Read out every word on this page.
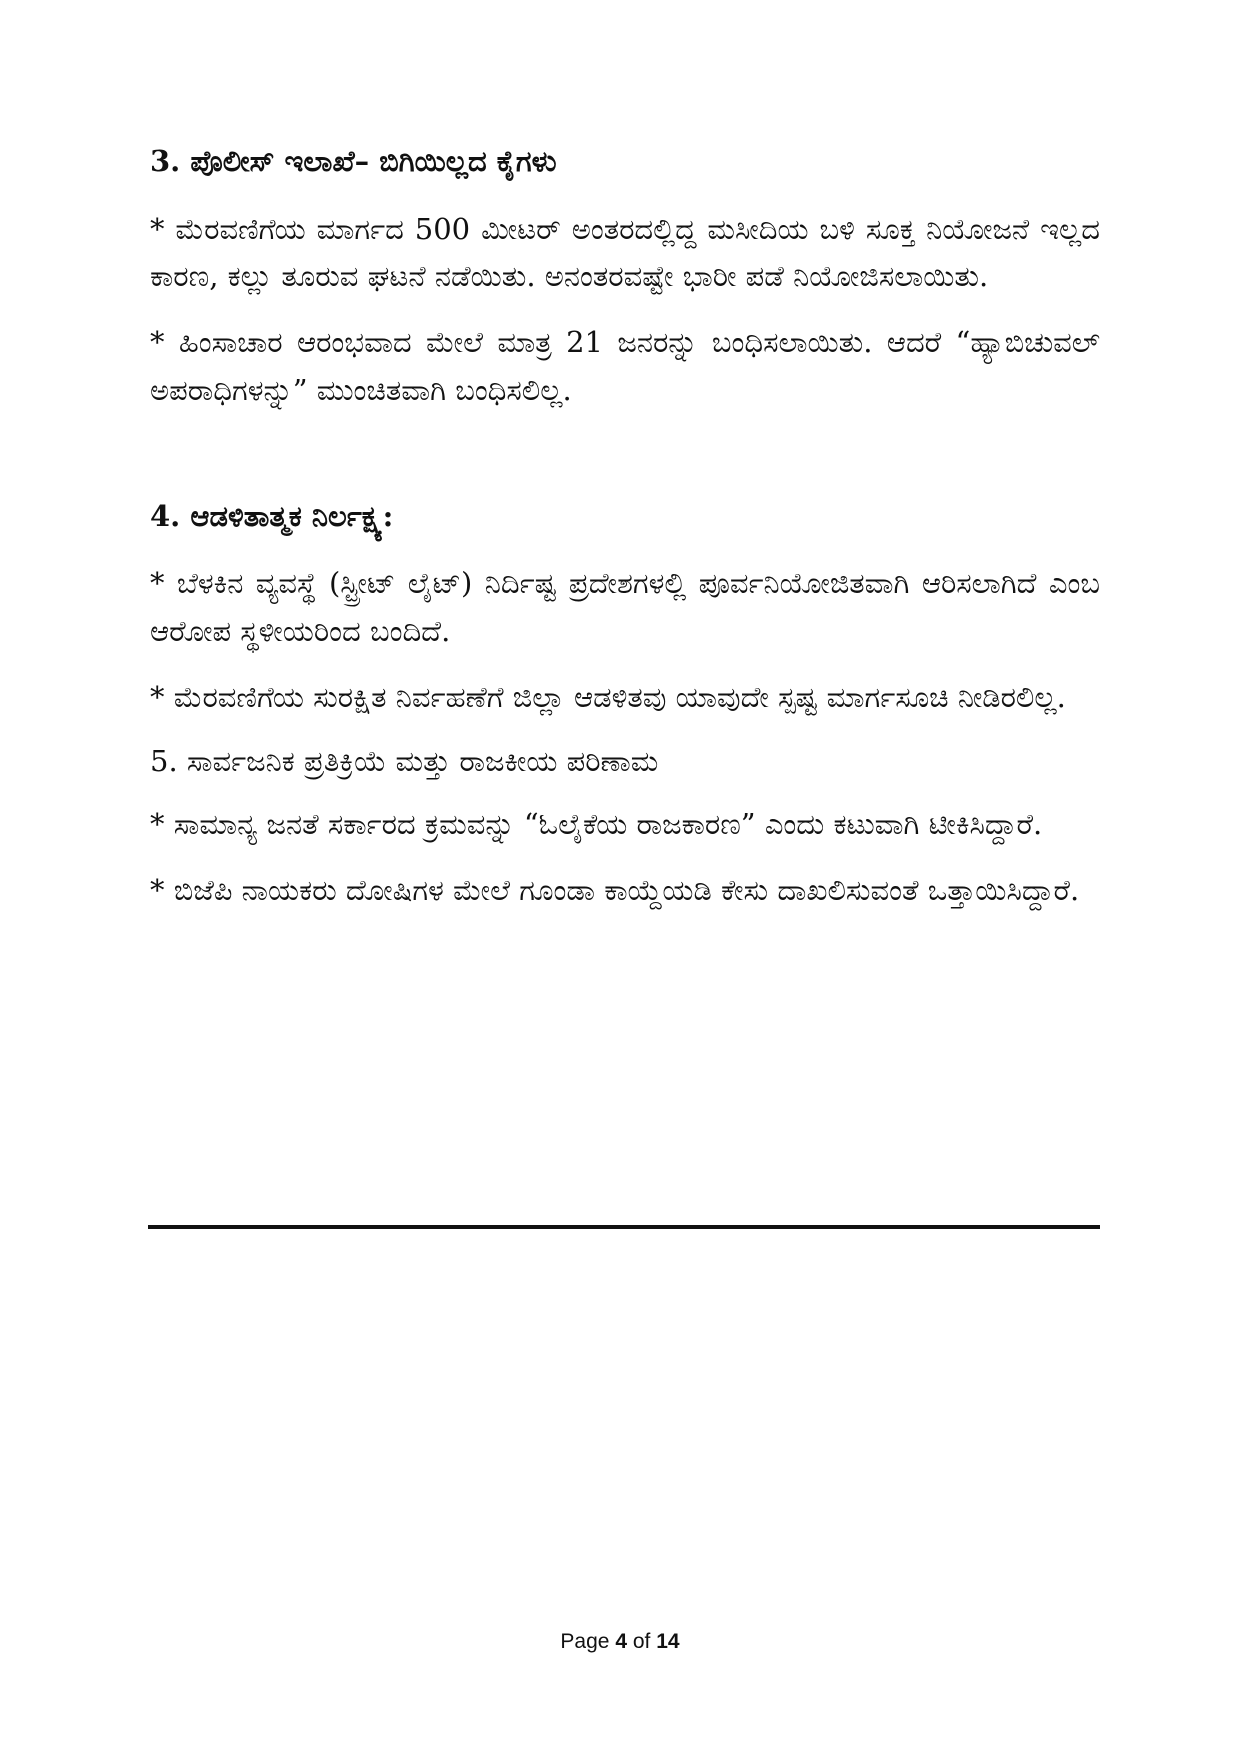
3. ಪೊಲೀಸ್ ಇಲಾಖೆ– ಬಿಗಿಯಿಲ್ಲದ ಕೈಗಳು

* ಮೆರವಣಿಗೆಯ ಮಾರ್ಗದ 500 ಮೀಟರ್ ಅಂತರದಲ್ಲಿದ್ದ ಮಸೀದಿಯ ಬಳಿ ಸೂಕ್ತ ನಿಯೋಜನೆ ಇಲ್ಲದ ಕಾರಣ, ಕಲ್ಲು ತೂರುವ ಘಟನೆ ನಡೆಯಿತು. ಅನಂತರವಷ್ಟೇ ಭಾರೀ ಪಡೆ ನಿಯೋಜಿಸಲಾಯಿತು.

* ಹಿಂಸಾಚಾರ ಆರಂಭವಾದ ಮೇಲೆ ಮಾತ್ರ 21 ಜನರನ್ನು ಬಂಧಿಸಲಾಯಿತು. ಆದರೆ “ಹ್ಯಾಬಿಚುವಲ್ ಅಪರಾಧಿಗಳನ್ನು” ಮುಂಚಿತವಾಗಿ ಬಂಧಿಸಲಿಲ್ಲ.

4. ಆಡಳಿತಾತ್ಮಕ ನಿರ್ಲಕ್ಷ್ಯ:

* ಬೆಳಕಿನ ವ್ಯವಸ್ಥೆ (ಸ್ಟ್ರೀಟ್ ಲೈಟ್) ನಿರ್ದಿಷ್ಟ ಪ್ರದೇಶಗಳಲ್ಲಿ ಪೂರ್ವನಿಯೋಜಿತವಾಗಿ ಆರಿಸಲಾಗಿದೆ ಎಂಬ ಆರೋಪ ಸ್ಥಳೀಯರಿಂದ ಬಂದಿದೆ.

* ಮೆರವಣಿಗೆಯ ಸುರಕ್ಷಿತ ನಿರ್ವಹಣೆಗೆ ಜಿಲ್ಲಾ ಆಡಳಿತವು ಯಾವುದೇ ಸ್ಪಷ್ಟ ಮಾರ್ಗಸೂಚಿ ನೀಡಿರಲಿಲ್ಲ.

5. ಸಾರ್ವಜನಿಕ ಪ್ರತಿಕ್ರಿಯೆ ಮತ್ತು ರಾಜಕೀಯ ಪರಿಣಾಮ

* ಸಾಮಾನ್ಯ ಜನತೆ ಸರ್ಕಾರದ ಕ್ರಮವನ್ನು “ಓಲೈಕೆಯ ರಾಜಕಾರಣ” ಎಂದು ಕಟುವಾಗಿ ಟೀಕಿಸಿದ್ದಾರೆ.

* ಬಿಜೆಪಿ ನಾಯಕರು ದೋಷಿಗಳ ಮೇಲೆ ಗೂಂಡಾ ಕಾಯ್ದೆಯಡಿ ಕೇಸು ದಾಖಲಿಸುವಂತೆ ಒತ್ತಾಯಿಸಿದ್ದಾರೆ.

Page 4 of 14
